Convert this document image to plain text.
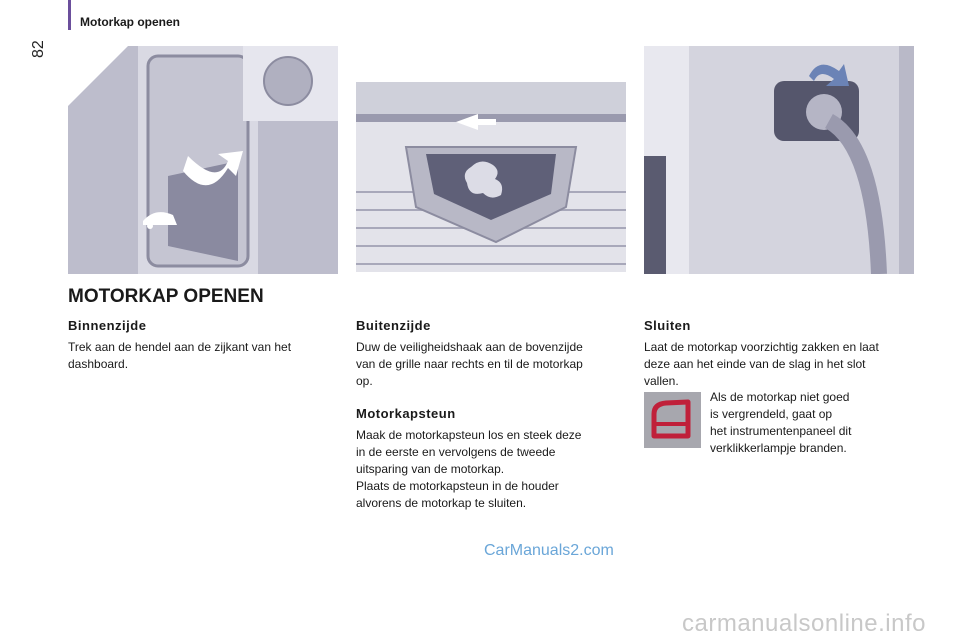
Motorkap openen
82
MOTORKAP OPENEN
Binnenzijde
Trek aan de hendel aan de zijkant van het
dashboard.
Buitenzijde
Duw de veiligheidshaak aan de bovenzijde
van de grille naar rechts en til de motorkap
op.
Motorkapsteun
Maak de motorkapsteun los en steek deze
in de eerste en vervolgens de tweede
uitsparing van de motorkap.
Plaats de motorkapsteun in de houder
alvorens de motorkap te sluiten.
Sluiten
Laat de motorkap voorzichtig zakken en laat
deze aan het einde van de slag in het slot
vallen.
Als de motorkap niet goed
is vergrendeld, gaat op
het instrumentenpaneel dit
verklikkerlampje branden.
CarManuals2.com
carmanualsonline.info
